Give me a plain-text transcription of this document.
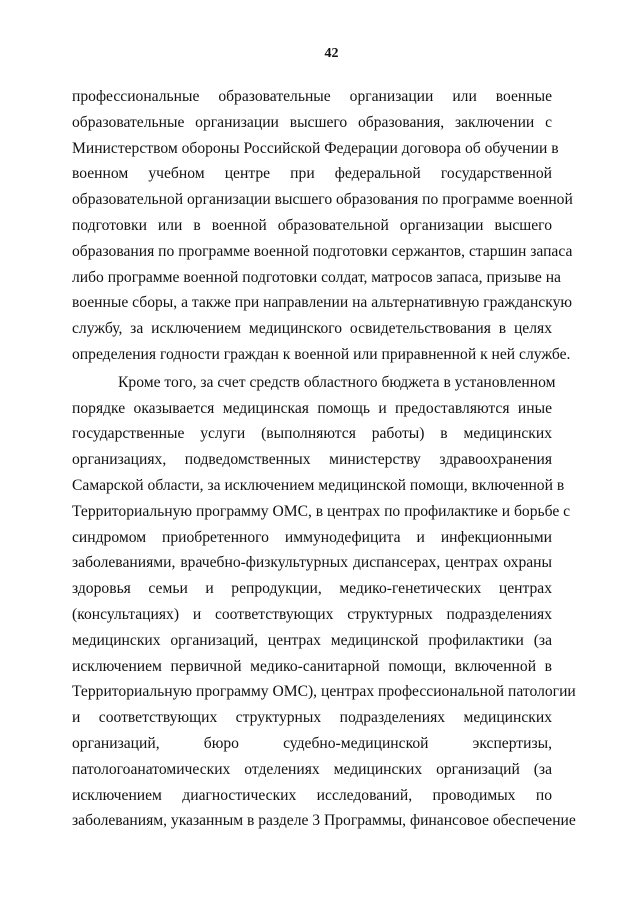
42
профессиональные образовательные организации или военные
образовательные организации высшего образования, заключении с
Министерством обороны Российской Федерации договора об обучении в
военном учебном центре при федеральной государственной
образовательной организации высшего образования по программе военной
подготовки или в военной образовательной организации высшего
образования по программе военной подготовки сержантов, старшин запаса
либо программе военной подготовки солдат, матросов запаса, призыве на
военные сборы, а также при направлении на альтернативную гражданскую
службу, за исключением медицинского освидетельствования в целях
определения годности граждан к военной или приравненной к ней службе.
Кроме того, за счет средств областного бюджета в установленном
порядке оказывается медицинская помощь и предоставляются иные
государственные услуги (выполняются работы) в медицинских
организациях, подведомственных министерству здравоохранения
Самарской области, за исключением медицинской помощи, включенной в
Территориальную программу ОМС, в центрах по профилактике и борьбе с
синдромом приобретенного иммунодефицита и инфекционными
заболеваниями, врачебно-физкультурных диспансерах, центрах охраны
здоровья семьи и репродукции, медико-генетических центрах
(консультациях) и соответствующих структурных подразделениях
медицинских организаций, центрах медицинской профилактики (за
исключением первичной медико-санитарной помощи, включенной в
Территориальную программу ОМС), центрах профессиональной патологии
и соответствующих структурных подразделениях медицинских
организаций, бюро судебно-медицинской экспертизы,
патологоанатомических отделениях медицинских организаций (за
исключением диагностических исследований, проводимых по
заболеваниям, указанным в разделе 3 Программы, финансовое обеспечение
